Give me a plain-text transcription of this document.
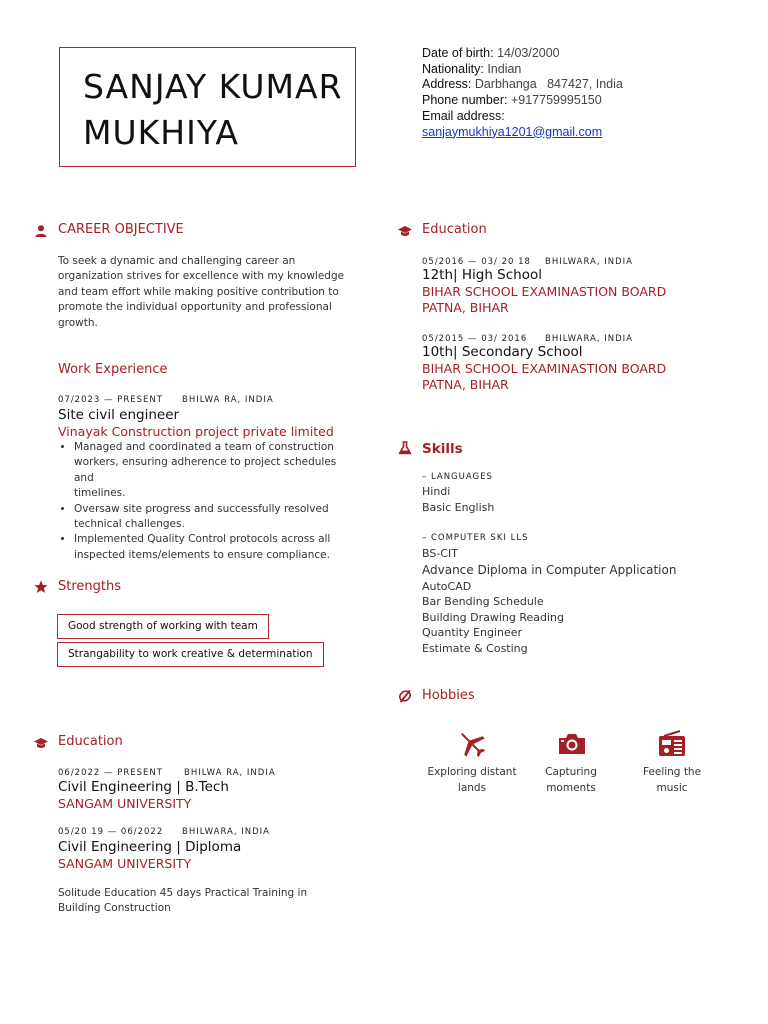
SANJAY KUMAR
MUKHIYA
Date of birth: 14/03/2000
Nationality: Indian
Address: Darbhanga   847427, India
Phone number: +917759995150
Email address:
sanjaymukhiya1201@gmail.com
CAREER OBJECTIVE
To seek a dynamic and challenging career an
organization strives for excellence with my knowledge
and team effort while making positive contribution to
promote the individual opportunity and professional
growth.
Work Experience
07/2023 — PRESENT BHILWA RA, INDIA
Site civil engineer
Vinayak Construction project private limited
• Managed and coordinated a team of construction
workers, ensuring adherence to project schedules and
timelines.
• Oversaw site progress and successfully resolved
technical challenges.
• Implemented Quality Control protocols across all
inspected items/elements to ensure compliance.
Strengths
Good strength of working with team
Strangability to work creative & determination
Education
06/2022 — PRESENT BHILWA RA, INDIA
Civil Engineering | B.Tech
SANGAM UNIVERSITY
05/20 19 — 06/2022 BHILWARA, INDIA
Civil Engineering | Diploma
SANGAM UNIVERSITY
Solitude Education 45 days Practical Training in
Building Construction
Education
05/2016 — 03/ 20 18 BHILWARA, INDIA
12th| High School
BIHAR SCHOOL EXAMINASTION BOARD
PATNA, BIHAR
05/2015 — 03/ 2016 BHILWARA, INDIA
10th| Secondary School
BIHAR SCHOOL EXAMINASTION BOARD
PATNA, BIHAR
Skills
– LANGUAGES
Hindi
Basic English
– COMPUTER SKI LLS
BS-CIT
Advance Diploma in Computer Application
AutoCAD
Bar Bending Schedule
Building Drawing Reading
Quantity Engineer
Estimate & Costing
Hobbies
Exploring distant
lands
Capturing
moments
Feeling the
music
